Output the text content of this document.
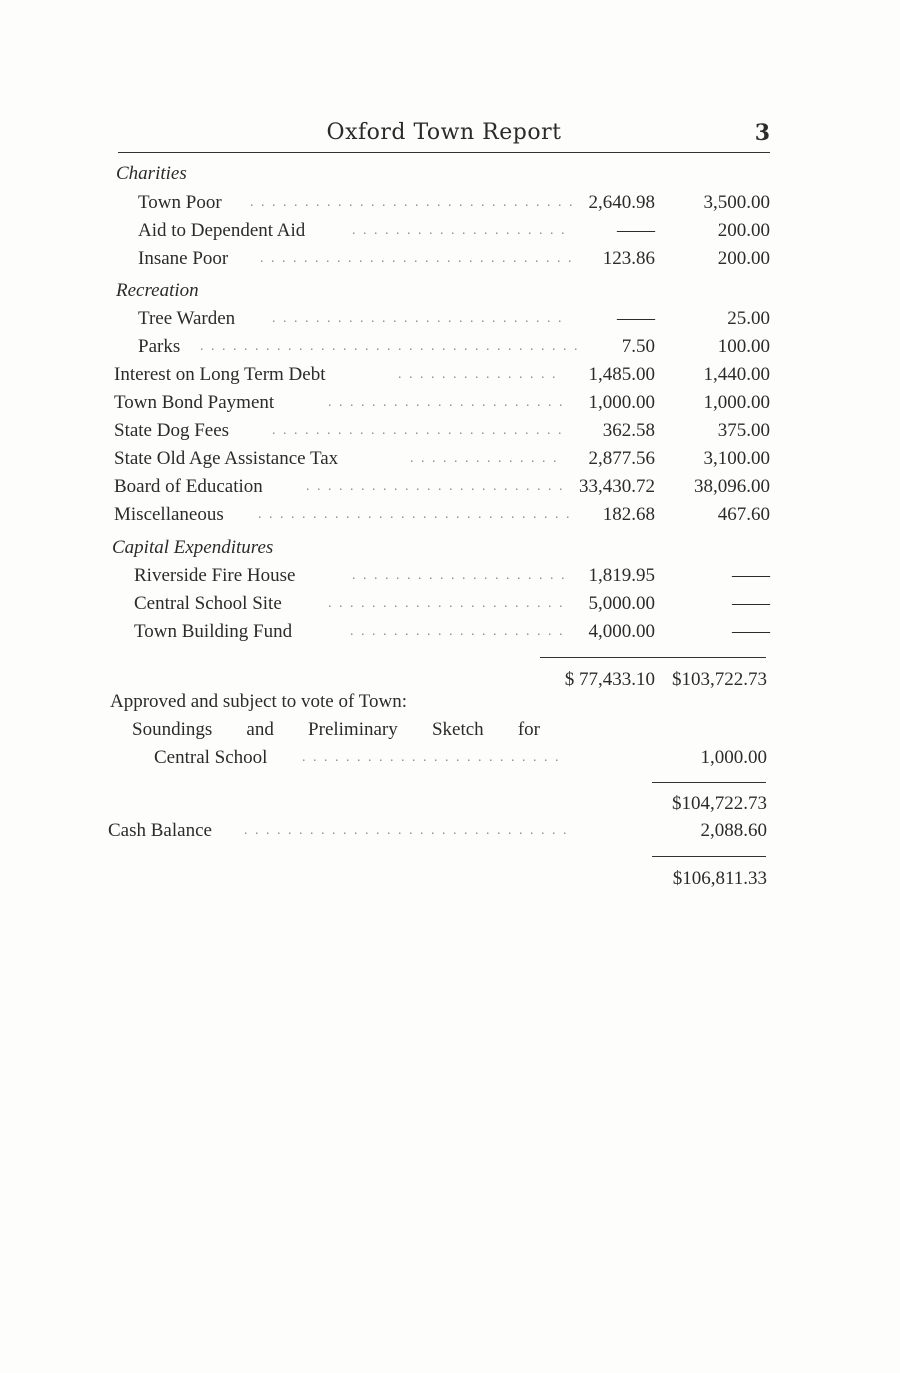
Oxford Town Report	3
Charities
Town Poor . . . . . . . . . . . . . . . . . . . . . . . . . . . . . . 2,640.98	3,500.00
Aid to Dependent Aid	. . . . . . . . . . . . . . . . . . . .	——	200.00
Insane Poor . . . . . . . . . . . . . . . . . . . . . . . . . . . . .	123.86	200.00
Recreation
Tree Warden	. . . . . . . . . . . . . . . . . . . . . . . . . . .	——	25.00
Parks . . . . . . . . . . . . . . . . . . . . . . . . . . . . . . . . . . .	7.50	100.00
Interest on Long Term Debt	. . . . . . . . . . . . . . .	1,485.00	1,440.00
Town Bond Payment	. . . . . . . . . . . . . . . . . . . . . .	1,000.00	1,000.00
State Dog Fees	. . . . . . . . . . . . . . . . . . . . . . . . . . .	362.58	375.00
State Old Age Assistance Tax	. . . . . . . . . . . . . .	2,877.56	3,100.00
Board of Education	. . . . . . . . . . . . . . . . . . . . . . . . 33,430.72	38,096.00
Miscellaneous . . . . . . . . . . . . . . . . . . . . . . . . . . . . .	182.68	467.60
Capital Expenditures
Riverside Fire House	. . . . . . . . . . . . . . . . . . . .	1,819.95	——
Central School Site	. . . . . . . . . . . . . . . . . . . . . .	5,000.00	——
Town Building Fund	. . . . . . . . . . . . . . . . . . . .	4,000.00	——
$ 77,433.10 $103,722.73
Approved and subject to vote of Town:
Soundings and Preliminary Sketch for
Central School . . . . . . . . . . . . . . . . . . . . . . . .	1,000.00
$104,722.73
Cash Balance . . . . . . . . . . . . . . . . . . . . . . . . . . . . . .	2,088.60
$106,811.33
